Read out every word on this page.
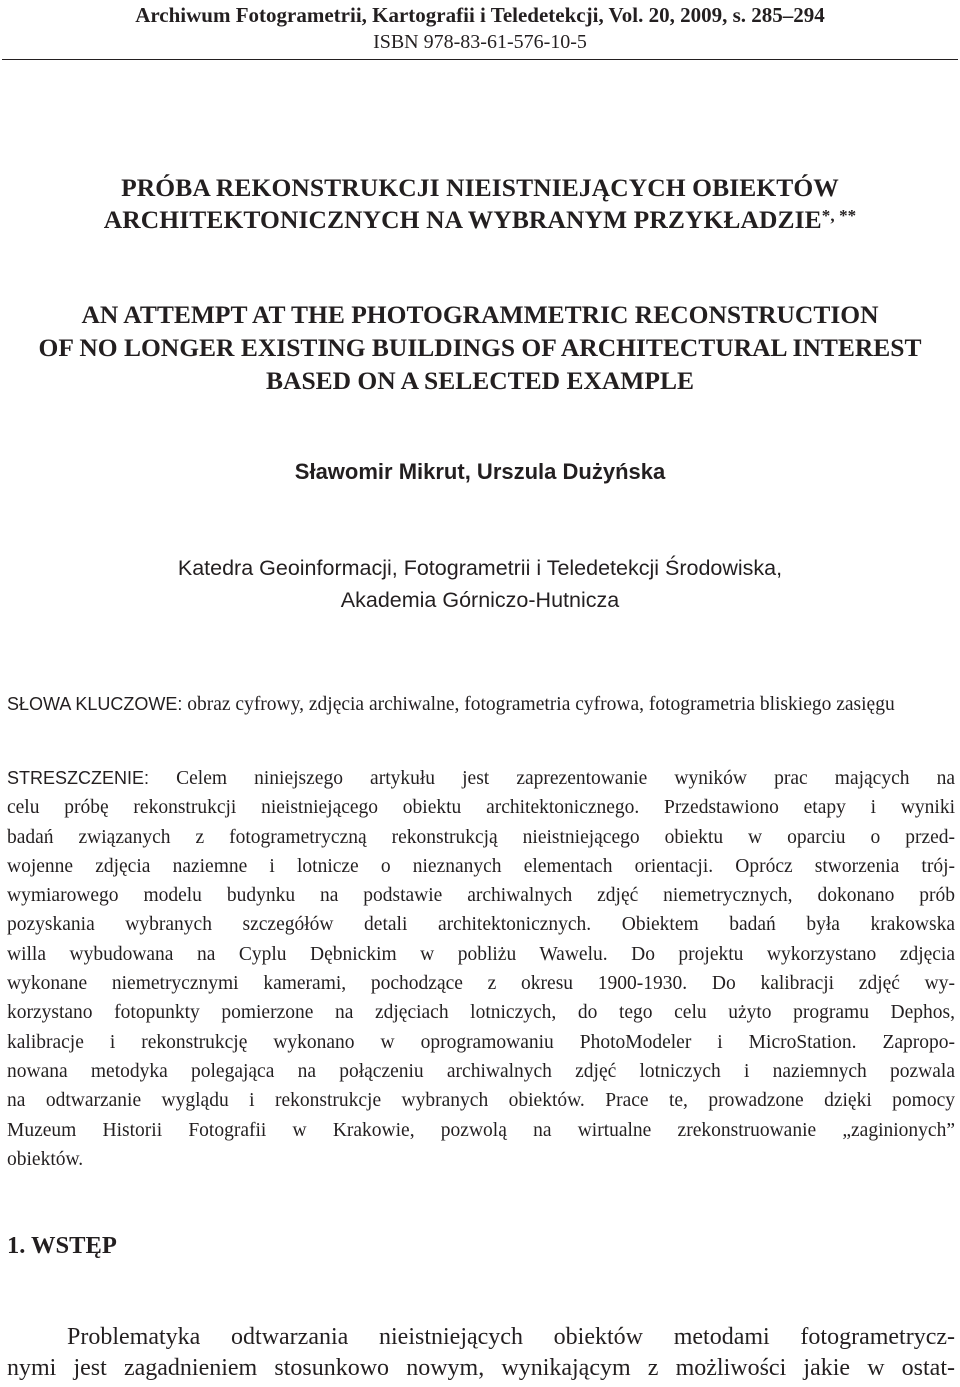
Archiwum Fotogrametrii, Kartografii i Teledetekcji, Vol. 20, 2009, s. 285–294
ISBN 978-83-61-576-10-5
PRÓBA REKONSTRUKCJI NIEISTNIEJĄCYCH OBIEKTÓW
ARCHITEKTONICZNYCH NA WYBRANYM PRZYKŁADZIE*, **
AN ATTEMPT AT THE PHOTOGRAMMETRIC RECONSTRUCTION
OF NO LONGER EXISTING BUILDINGS OF ARCHITECTURAL INTEREST
BASED ON A SELECTED EXAMPLE
Sławomir Mikrut, Urszula Dużyńska
Katedra Geoinformacji, Fotogrametrii i Teledetekcji Środowiska,
Akademia Górniczo-Hutnicza
SŁOWA KLUCZOWE: obraz cyfrowy, zdjęcia archiwalne, fotogrametria cyfrowa, fotogrametria bliskiego zasięgu
STRESZCZENIE: Celem niniejszego artykułu jest zaprezentowanie wyników prac mających na
celu próbę rekonstrukcji nieistniejącego obiektu architektonicznego. Przedstawiono etapy i wyniki
badań związanych z fotogrametryczną rekonstrukcją nieistniejącego obiektu w oparciu o przed-
wojenne zdjęcia naziemne i lotnicze o nieznanych elementach orientacji. Oprócz stworzenia trój-
wymiarowego modelu budynku na podstawie archiwalnych zdjęć niemetrycznych, dokonano prób
pozyskania wybranych szczegółów detali architektonicznych. Obiektem badań była krakowska
willa wybudowana na Cyplu Dębnickim w pobliżu Wawelu. Do projektu wykorzystano zdjęcia
wykonane niemetrycznymi kamerami, pochodzące z okresu 1900-1930. Do kalibracji zdjęć wy-
korzystano fotopunkty pomierzone na zdjęciach lotniczych, do tego celu użyto programu Dephos,
kalibracje i rekonstrukcję wykonano w oprogramowaniu PhotoModeler i MicroStation. Zapropo-
nowana metodyka polegająca na połączeniu archiwalnych zdjęć lotniczych i naziemnych pozwala
na odtwarzanie wyglądu i rekonstrukcje wybranych obiektów. Prace te, prowadzone dzięki pomocy
Muzeum Historii Fotografii w Krakowie, pozwolą na wirtualne zrekonstruowanie „zaginionych”
obiektów.
1. WSTĘP
Problematyka odtwarzania nieistniejących obiektów metodami fotogrametrycz-
nymi jest zagadnieniem stosunkowo nowym, wynikającym z możliwości jakie w ostat-
